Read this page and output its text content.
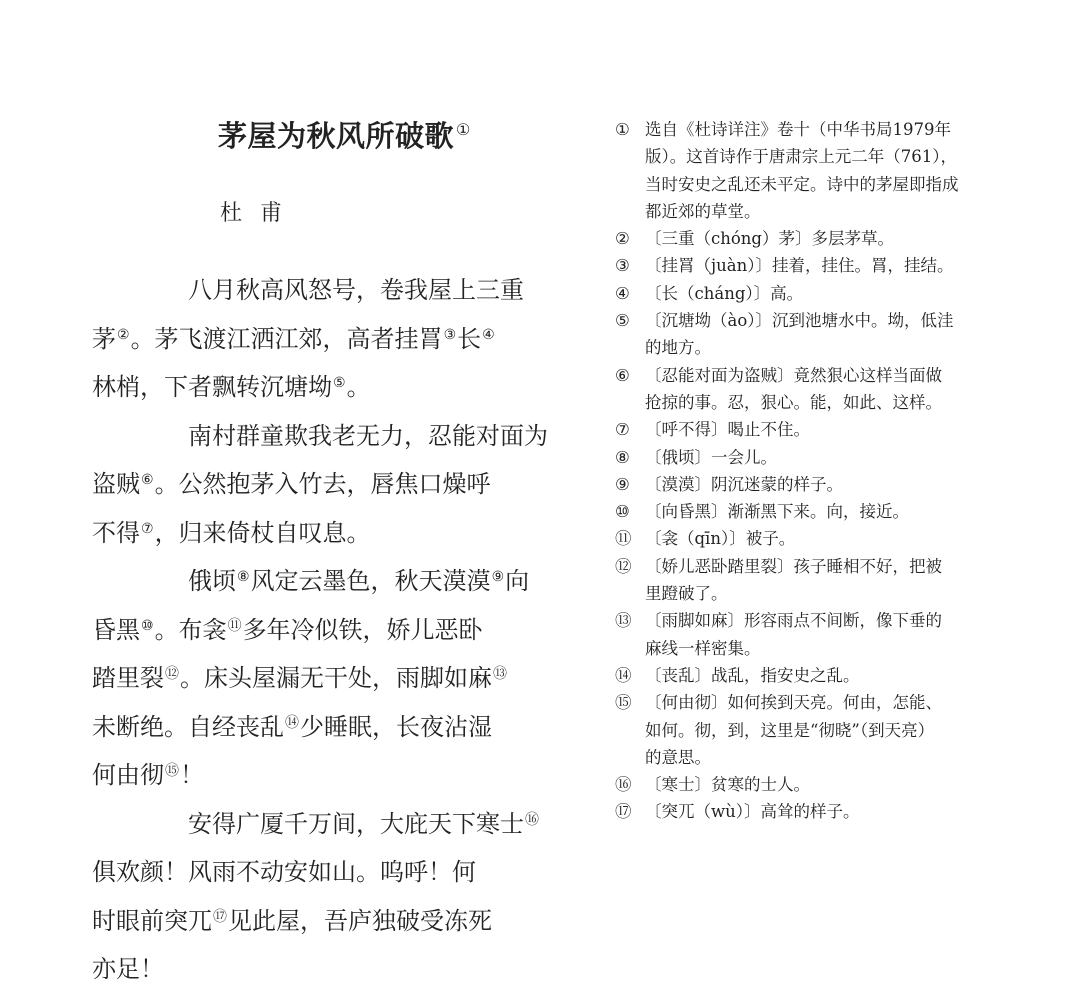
茅屋为秋风所破歌 ①
杜甫

八月秋高风怒号，卷我屋上三重
茅②。茅飞渡江洒江郊，高者挂罥③长④
林梢，下者飘转沉塘坳⑤。

南村群童欺我老无力，忍能对面为
盗贼⑥。公然抱茅入竹去，唇焦口燥呼
不得⑦，归来倚杖自叹息。

俄顷⑧风定云墨色，秋天漠漠⑨向
昏黑⑩。布衾⑪多年冷似铁，娇儿恶卧
踏里裂⑫。床头屋漏无干处，雨脚如麻⑬
未断绝。自经丧乱⑭少睡眠，长夜沾湿
何由彻⑮！

安得广厦千万间，大庇天下寒士⑯
俱欢颜！风雨不动安如山。呜呼！何
时眼前突兀⑰见此屋，吾庐独破受冻死
亦足！

① 选自《杜诗详注》卷十（中华书局1979年
版）。这首诗作于唐肃宗上元二年（761），
当时安史之乱还未平定。诗中的茅屋即指成
都近郊的草堂。
② 〔三重（chóng）茅〕多层茅草。
③ 〔挂罥（juàn）〕挂着，挂住。罥，挂结。
④ 〔长（cháng）〕高。
⑤ 〔沉塘坳（ào）〕沉到池塘水中。坳，低洼
的地方。
⑥ 〔忍能对面为盗贼〕竟然狠心这样当面做
抢掠的事。忍，狠心。能，如此、这样。
⑦ 〔呼不得〕喝止不住。
⑧ 〔俄顷〕一会儿。
⑨ 〔漠漠〕阴沉迷蒙的样子。
⑩ 〔向昏黑〕渐渐黑下来。向，接近。
⑪ 〔衾（qīn）〕被子。
⑫ 〔娇儿恶卧踏里裂〕孩子睡相不好，把被
里蹬破了。
⑬ 〔雨脚如麻〕形容雨点不间断，像下垂的
麻线一样密集。
⑭ 〔丧乱〕战乱，指安史之乱。
⑮ 〔何由彻〕如何挨到天亮。何由，怎能、
如何。彻，到，这里是“彻晓”（到天亮）
的意思。
⑯ 〔寒士〕贫寒的士人。
⑰ 〔突兀（wù）〕高耸的样子。
